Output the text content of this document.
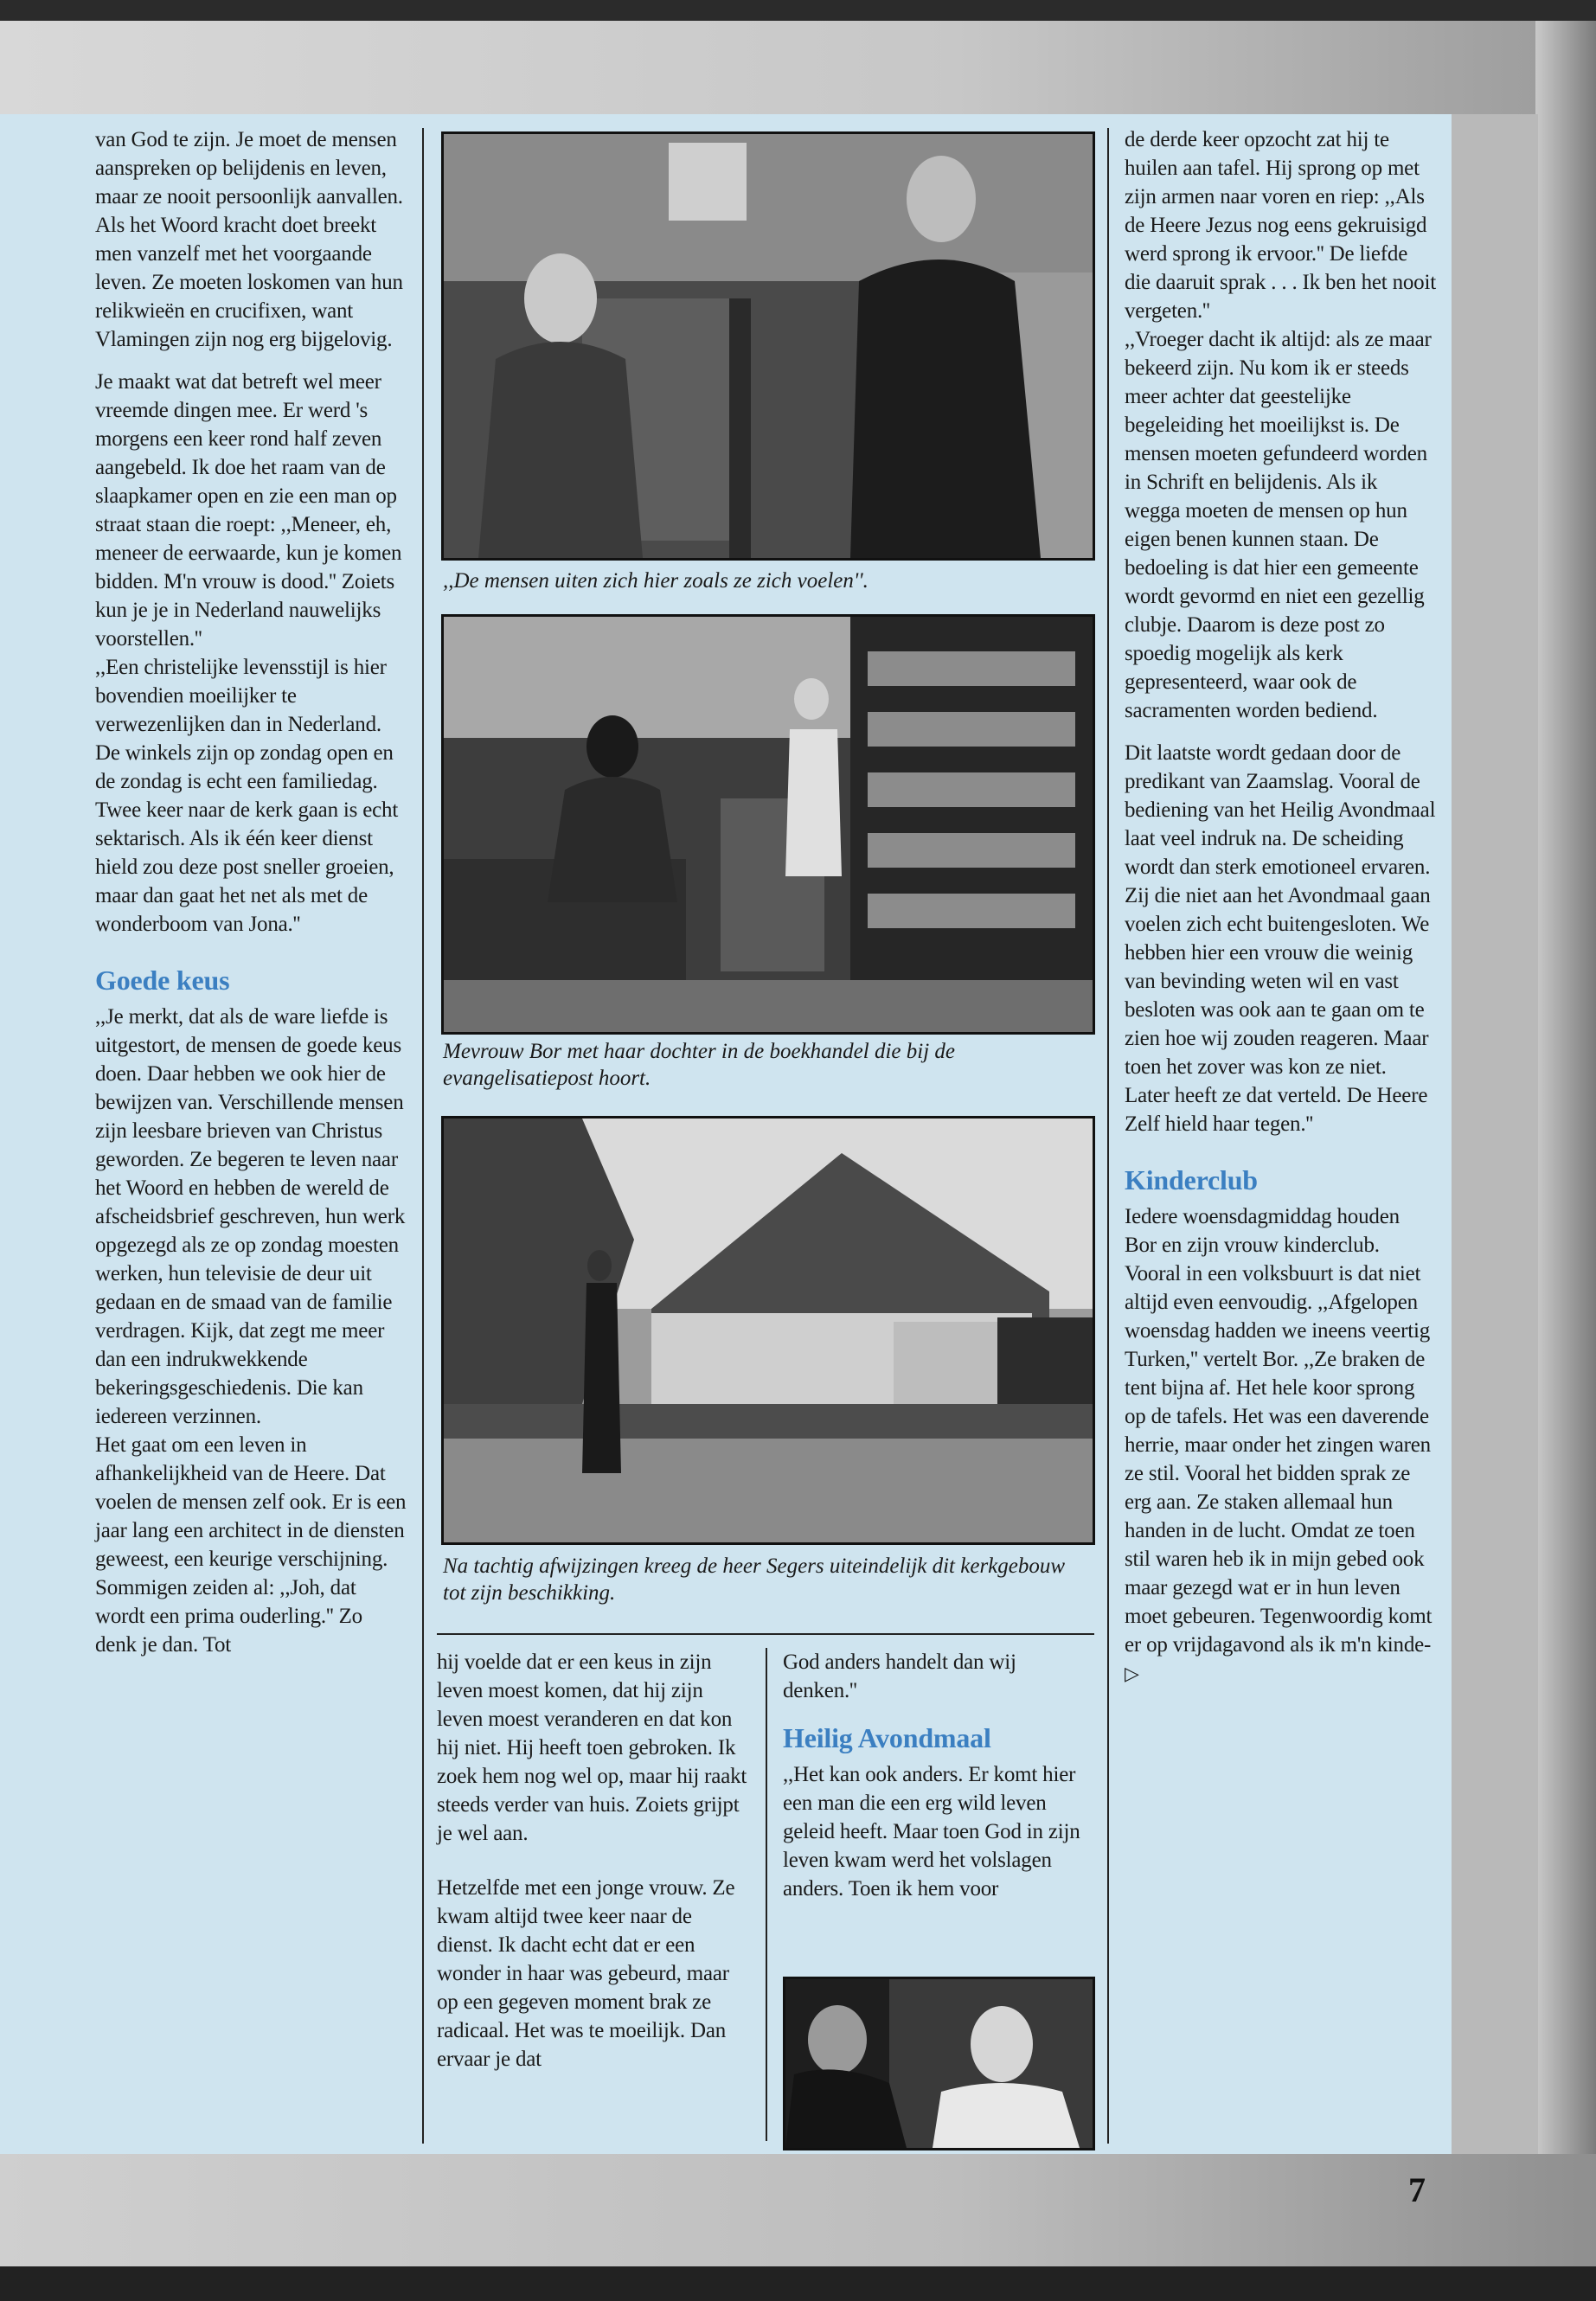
van God te zijn. Je moet de mensen aanspreken op belijdenis en leven, maar ze nooit persoonlijk aanvallen. Als het Woord kracht doet breekt men vanzelf met het voorgaande leven. Ze moeten loskomen van hun relikwieën en crucifixen, want Vlamingen zijn nog erg bijgelovig.

Je maakt wat dat betreft wel meer vreemde dingen mee. Er werd 's morgens een keer rond half zeven aangebeld. Ik doe het raam van de slaapkamer open en zie een man op straat staan die roept: ,,Meneer, eh, meneer de eerwaarde, kun je komen bidden. M'n vrouw is dood.'' Zoiets kun je je in Nederland nauwelijks voorstellen.''

,,Een christelijke levensstijl is hier bovendien moeilijker te verwezenlijken dan in Nederland. De winkels zijn op zondag open en de zondag is echt een familiedag. Twee keer naar de kerk gaan is echt sektarisch. Als ik één keer dienst hield zou deze post sneller groeien, maar dan gaat het net als met de wonderboom van Jona.''

Goede keus

,,Je merkt, dat als de ware liefde is uitgestort, de mensen de goede keus doen. Daar hebben we ook hier de bewijzen van. Verschillende mensen zijn leesbare brieven van Christus geworden. Ze begeren te leven naar het Woord en hebben de wereld de afscheidsbrief geschreven, hun werk opgezegd als ze op zondag moesten werken, hun televisie de deur uit gedaan en de smaad van de familie verdragen. Kijk, dat zegt me meer dan een indrukwekkende bekeringsgeschiedenis. Die kan iedereen verzinnen.

Het gaat om een leven in afhankelijkheid van de Heere. Dat voelen de mensen zelf ook. Er is een jaar lang een architect in de diensten geweest, een keurige verschijning. Sommigen zeiden al: ,,Joh, dat wordt een prima ouderling.'' Zo denk je dan. Tot

,,De mensen uiten zich hier zoals ze zich voelen''.
Mevrouw Bor met haar dochter in de boekhandel die bij de evangelisatiepost hoort.
Na tachtig afwijzingen kreeg de heer Segers uiteindelijk dit kerkgebouw tot zijn beschikking.

hij voelde dat er een keus in zijn leven moest komen, dat hij zijn leven moest veranderen en dat kon hij niet. Hij heeft toen gebroken. Ik zoek hem nog wel op, maar hij raakt steeds verder van huis. Zoiets grijpt je wel aan.

Hetzelfde met een jonge vrouw. Ze kwam altijd twee keer naar de dienst. Ik dacht echt dat er een wonder in haar was gebeurd, maar op een gegeven moment brak ze radicaal. Het was te moeilijk. Dan ervaar je dat

God anders handelt dan wij denken.''

Heilig Avondmaal

,,Het kan ook anders. Er komt hier een man die een erg wild leven geleid heeft. Maar toen God in zijn leven kwam werd het volslagen anders. Toen ik hem voor

de derde keer opzocht zat hij te huilen aan tafel. Hij sprong op met zijn armen naar voren en riep: ,,Als de Heere Jezus nog eens gekruisigd werd sprong ik ervoor.'' De liefde die daaruit sprak . . . Ik ben het nooit vergeten.''

,,Vroeger dacht ik altijd: als ze maar bekeerd zijn. Nu kom ik er steeds meer achter dat geestelijke begeleiding het moeilijkst is. De mensen moeten gefundeerd worden in Schrift en belijdenis. Als ik wegga moeten de mensen op hun eigen benen kunnen staan. De bedoeling is dat hier een gemeente wordt gevormd en niet een gezellig clubje. Daarom is deze post zo spoedig mogelijk als kerk gepresenteerd, waar ook de sacramenten worden bediend.

Dit laatste wordt gedaan door de predikant van Zaamslag. Vooral de bediening van het Heilig Avondmaal laat veel indruk na. De scheiding wordt dan sterk emotioneel ervaren. Zij die niet aan het Avondmaal gaan voelen zich echt buitengesloten. We hebben hier een vrouw die weinig van bevinding weten wil en vast besloten was ook aan te gaan om te zien hoe wij zouden reageren. Maar toen het zover was kon ze niet. Later heeft ze dat verteld. De Heere Zelf hield haar tegen.''

Kinderclub

Iedere woensdagmiddag houden Bor en zijn vrouw kinderclub. Vooral in een volksbuurt is dat niet altijd even eenvoudig. ,,Afgelopen woensdag hadden we ineens veertig Turken,'' vertelt Bor. ,,Ze braken de tent bijna af. Het hele koor sprong op de tafels. Het was een daverende herrie, maar onder het zingen waren ze stil. Vooral het bidden sprak ze erg aan. Ze staken allemaal hun handen in de lucht. Omdat ze toen stil waren heb ik in mijn gebed ook maar gezegd wat er in hun leven moet gebeuren. Tegenwoordig komt er op vrijdagavond als ik m'n kinde-▷

7
